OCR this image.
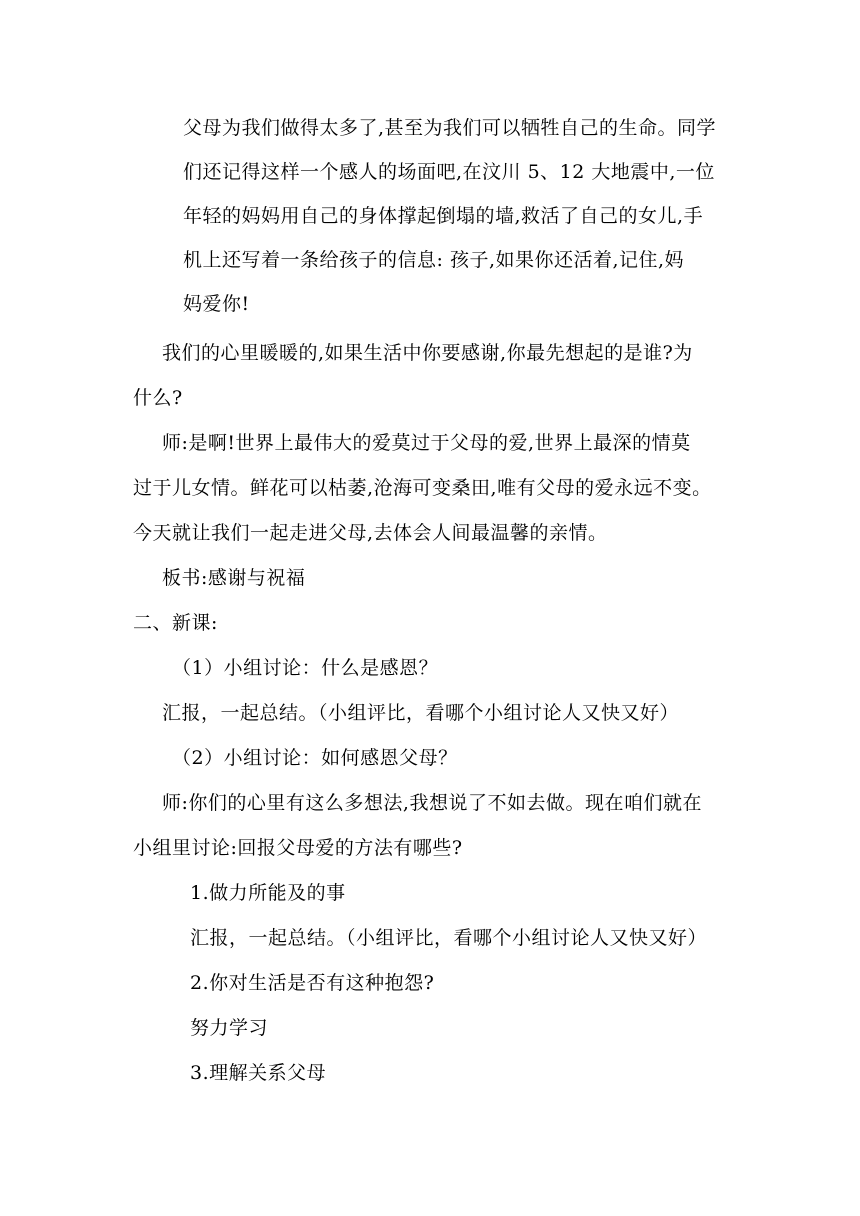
父母为我们做得太多了,甚至为我们可以牺牲自己的生命。同学
们还记得这样一个感人的场面吧,在汶川 5、12 大地震中,一位
年轻的妈妈用自己的身体撑起倒塌的墙,救活了自己的女儿,手
机上还写着一条给孩子的信息: 孩子,如果你还活着,记住,妈
妈爱你!
我们的心里暖暖的,如果生活中你要感谢,你最先想起的是谁?为
什么?
师:是啊!世界上最伟大的爱莫过于父母的爱,世界上最深的情莫
过于儿女情。鲜花可以枯萎,沧海可变桑田,唯有父母的爱永远不变。
今天就让我们一起走进父母,去体会人间最温馨的亲情。
板书:感谢与祝福
二、新课:
（1）小组讨论：什么是感恩？
汇报，一起总结。（小组评比，看哪个小组讨论人又快又好）
（2）小组讨论：如何感恩父母？
师:你们的心里有这么多想法,我想说了不如去做。现在咱们就在
小组里讨论:回报父母爱的方法有哪些?
1.做力所能及的事
汇报，一起总结。（小组评比，看哪个小组讨论人又快又好）
2.你对生活是否有这种抱怨?
努力学习
3.理解关系父母
